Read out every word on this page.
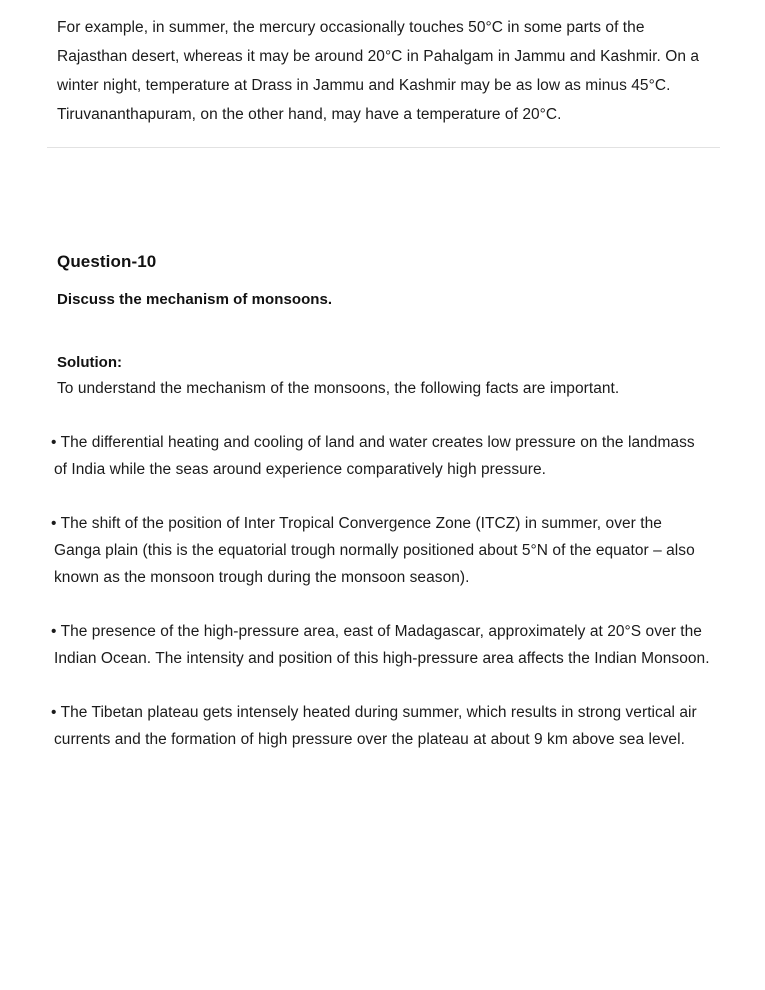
For example, in summer, the mercury occasionally touches 50°C in some parts of the Rajasthan desert, whereas it may be around 20°C in Pahalgam in Jammu and Kashmir. On a winter night, temperature at Drass in Jammu and Kashmir may be as low as minus 45°C. Tiruvananthapuram, on the other hand, may have a temperature of 20°C.

Question-10

Discuss the mechanism of monsoons.

Solution:

To understand the mechanism of the monsoons, the following facts are important.

• The differential heating and cooling of land and water creates low pressure on the landmass of India while the seas around experience comparatively high pressure.
• The shift of the position of Inter Tropical Convergence Zone (ITCZ) in summer, over the Ganga plain (this is the equatorial trough normally positioned about 5°N of the equator – also known as the monsoon trough during the monsoon season).
• The presence of the high-pressure area, east of Madagascar, approximately at 20°S over the Indian Ocean. The intensity and position of this high-pressure area affects the Indian Monsoon.
• The Tibetan plateau gets intensely heated during summer, which results in strong vertical air currents and the formation of high pressure over the plateau at about 9 km above sea level.
